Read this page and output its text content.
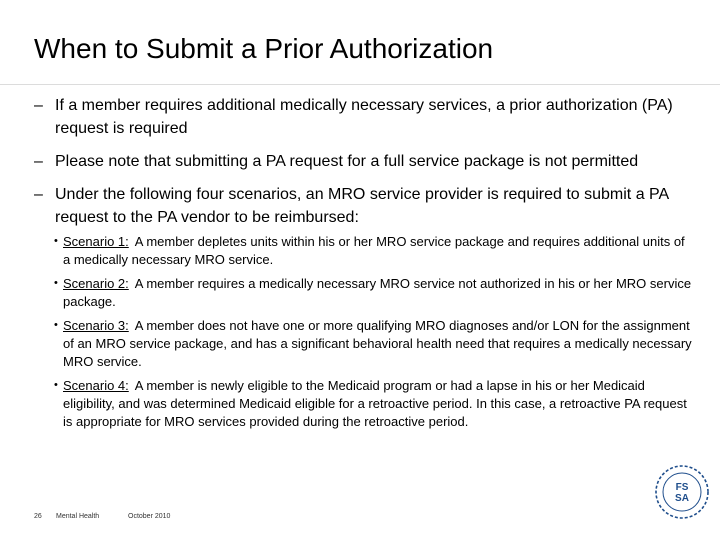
When to Submit a Prior Authorization
– If a member requires additional medically necessary services, a prior authorization (PA) request is required
– Please note that submitting a PA request for a full service package is not permitted
– Under the following four scenarios, an MRO service provider is required to submit a PA request to the PA vendor to be reimbursed:
• Scenario 1: A member depletes units within his or her MRO service package and requires additional units of a medically necessary MRO service.
• Scenario 2: A member requires a medically necessary MRO service not authorized in his or her MRO service package.
• Scenario 3: A member does not have one or more qualifying MRO diagnoses and/or LON for the assignment of an MRO service package, and has a significant behavioral health need that requires a medically necessary MRO service.
• Scenario 4: A member is newly eligible to the Medicaid program or had a lapse in his or her Medicaid eligibility, and was determined Medicaid eligible for a retroactive period. In this case, a retroactive PA request is appropriate for MRO services provided during the retroactive period.
26 Mental Health	October 2010
FS
SA
